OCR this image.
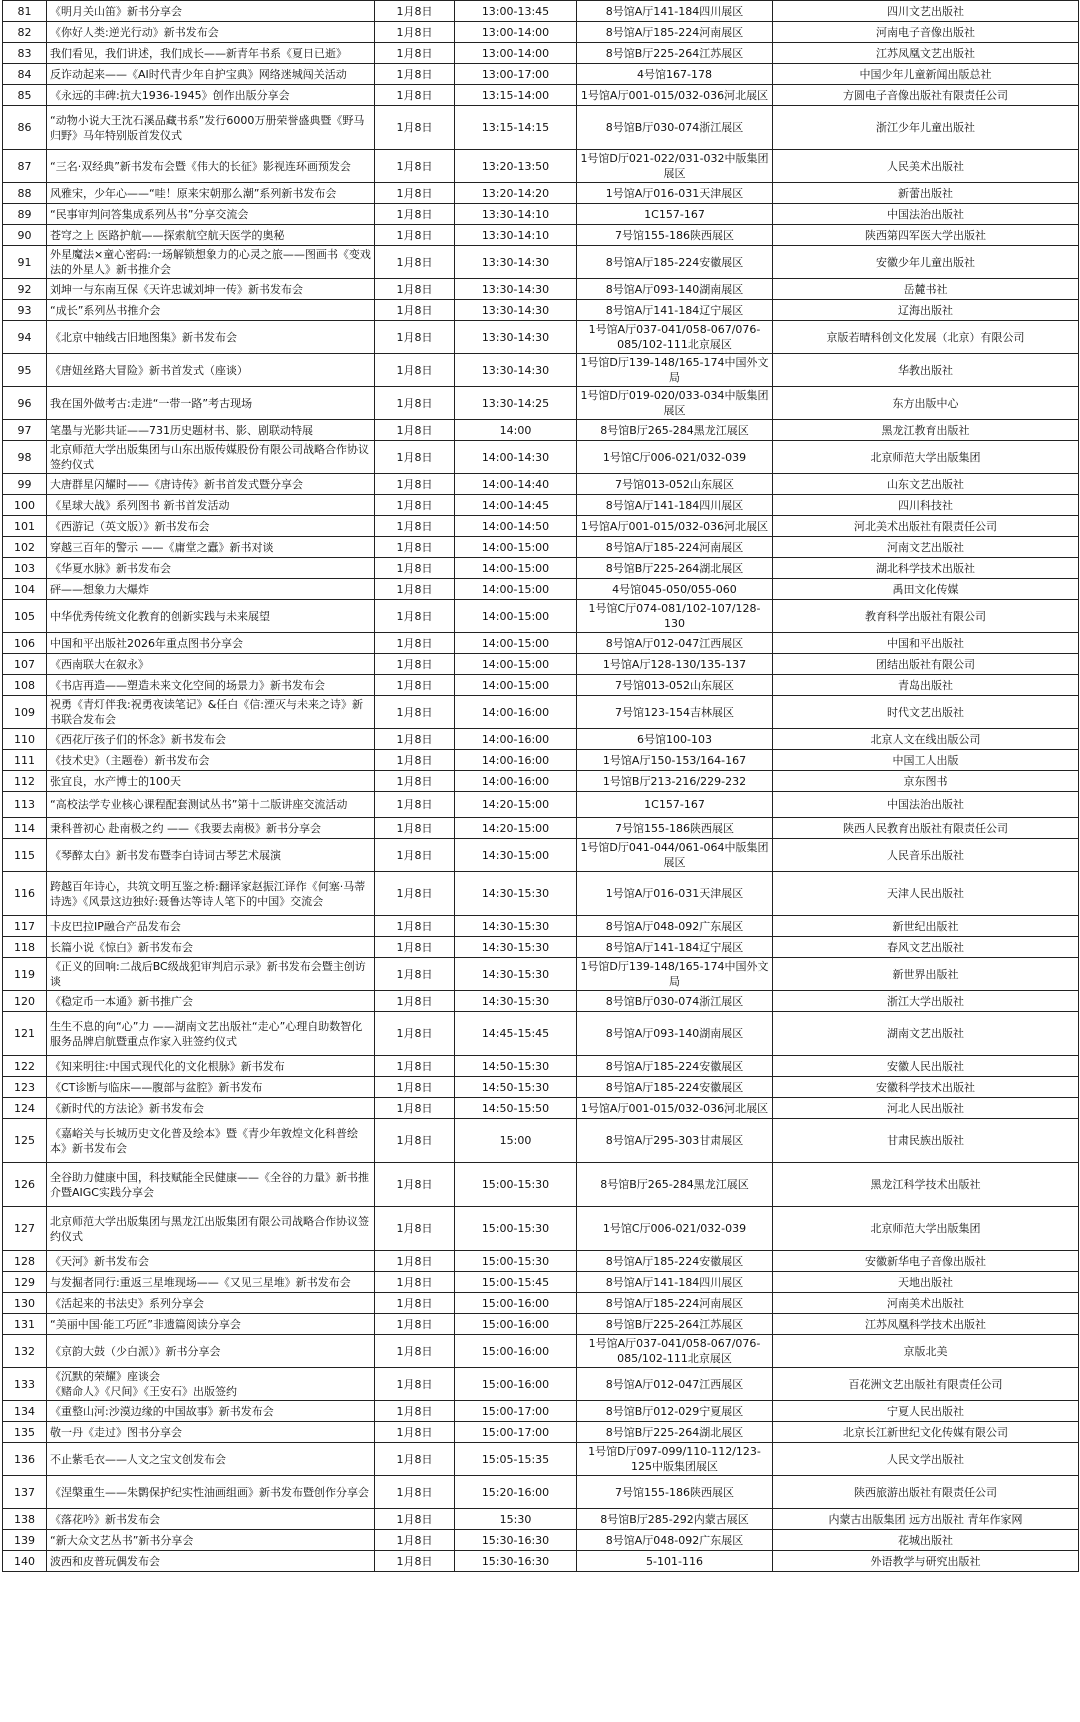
81	《明月关山笛》新书分享会	1月8日	13:00-13:45	8号馆A厅141-184四川展区	四川文艺出版社
82	《你好人类:逆光行动》新书发布会	1月8日	13:00-14:00	8号馆A厅185-224河南展区	河南电子音像出版社
83	我们看见，我们讲述，我们成长——新青年书系《夏日已逝》	1月8日	13:00-14:00	8号馆B厅225-264江苏展区	江苏凤凰文艺出版社
84	反诈动起来——《AI时代青少年自护宝典》网络迷城闯关活动	1月8日	13:00-17:00	4号馆167-178	中国少年儿童新闻出版总社
85	《永远的丰碑:抗大1936-1945》创作出版分享会	1月8日	13:15-14:00	1号馆A厅001-015/032-036河北展区	方圆电子音像出版社有限责任公司
86	“动物小说大王沈石溪品藏书系”发行6000万册荣誉盛典暨《野马归野》马年特别版首发仪式	1月8日	13:15-14:15	8号馆B厅030-074浙江展区	浙江少年儿童出版社
87	“三名·双经典”新书发布会暨《伟大的长征》影视连环画预发会	1月8日	13:20-13:50	1号馆D厅021-022/031-032中版集团展区	人民美术出版社
88	风雅宋，少年心——“哇！原来宋朝那么潮”系列新书发布会	1月8日	13:20-14:20	1号馆A厅016-031天津展区	新蕾出版社
89	“民事审判问答集成系列丛书”分享交流会	1月8日	13:30-14:10	1C157-167	中国法治出版社
90	苍穹之上 医路护航——探索航空航天医学的奥秘	1月8日	13:30-14:10	7号馆155-186陕西展区	陕西第四军医大学出版社
91	外星魔法×童心密码:一场解锁想象力的心灵之旅——图画书《变戏法的外星人》新书推介会	1月8日	13:30-14:30	8号馆A厅185-224安徽展区	安徽少年儿童出版社
92	刘坤一与东南互保《天许忠诚刘坤一传》新书发布会	1月8日	13:30-14:30	8号馆A厅093-140湖南展区	岳麓书社
93	“成长”系列丛书推介会	1月8日	13:30-14:30	8号馆A厅141-184辽宁展区	辽海出版社
94	《北京中轴线古旧地图集》新书发布会	1月8日	13:30-14:30	1号馆A厅037-041/058-067/076-085/102-111北京展区	京版若晴科创文化发展（北京）有限公司
95	《唐妞丝路大冒险》新书首发式（座谈）	1月8日	13:30-14:30	1号馆D厅139-148/165-174中国外文局	华教出版社
96	我在国外做考古:走进“一带一路”考古现场	1月8日	13:30-14:25	1号馆D厅019-020/033-034中版集团展区	东方出版中心
97	笔墨与光影共证——731历史题材书、影、剧联动特展	1月8日	14:00	8号馆B厅265-284黑龙江展区	黑龙江教育出版社
98	北京师范大学出版集团与山东出版传媒股份有限公司战略合作协议签约仪式	1月8日	14:00-14:30	1号馆C厅006-021/032-039	北京师范大学出版集团
99	大唐群星闪耀时——《唐诗传》新书首发式暨分享会	1月8日	14:00-14:40	7号馆013-052山东展区	山东文艺出版社
100	《星球大战》系列图书 新书首发活动	1月8日	14:00-14:45	8号馆A厅141-184四川展区	四川科技社
101	《西游记（英文版）》新书发布会	1月8日	14:00-14:50	1号馆A厅001-015/032-036河北展区	河北美术出版社有限责任公司
102	穿越三百年的警示 ——《庸堂之蠹》新书对谈	1月8日	14:00-15:00	8号馆A厅185-224河南展区	河南文艺出版社
103	《华夏水脉》新书发布会	1月8日	14:00-15:00	8号馆B厅225-264湖北展区	湖北科学技术出版社
104	砰——想象力大爆炸	1月8日	14:00-15:00	4号馆045-050/055-060	禹田文化传媒
105	中华优秀传统文化教育的创新实践与未来展望	1月8日	14:00-15:00	1号馆C厅074-081/102-107/128-130	教育科学出版社有限公司
106	中国和平出版社2026年重点图书分享会	1月8日	14:00-15:00	8号馆A厅012-047江西展区	中国和平出版社
107	《西南联大在叙永》	1月8日	14:00-15:00	1号馆A厅128-130/135-137	团结出版社有限公司
108	《书店再造——塑造未来文化空间的场景力》新书发布会	1月8日	14:00-15:00	7号馆013-052山东展区	青岛出版社
109	祝勇《青灯伴我:祝勇夜读笔记》&任白《信:湮灭与未来之诗》新书联合发布会	1月8日	14:00-16:00	7号馆123-154吉林展区	时代文艺出版社
110	《西花厅孩子们的怀念》新书发布会	1月8日	14:00-16:00	6号馆100-103	北京人文在线出版公司
111	《技术史》（主题卷）新书发布会	1月8日	14:00-16:00	1号馆A厅150-153/164-167	中国工人出版
112	张宜良，水产博士的100天	1月8日	14:00-16:00	1号馆B厅213-216/229-232	京东图书
113	“高校法学专业核心课程配套测试丛书”第十二版讲座交流活动	1月8日	14:20-15:00	1C157-167	中国法治出版社
114	秉科普初心 赴南极之约 ——《我要去南极》新书分享会	1月8日	14:20-15:00	7号馆155-186陕西展区	陕西人民教育出版社有限责任公司
115	《琴醉太白》新书发布暨李白诗词古琴艺术展演	1月8日	14:30-15:00	1号馆D厅041-044/061-064中版集团展区	人民音乐出版社
116	跨越百年诗心，共筑文明互鉴之桥:翻译家赵振江译作《何塞·马蒂诗选》《风景这边独好:聂鲁达等诗人笔下的中国》交流会	1月8日	14:30-15:30	1号馆A厅016-031天津展区	天津人民出版社
117	卡皮巴拉IP融合产品发布会	1月8日	14:30-15:30	8号馆A厅048-092广东展区	新世纪出版社
118	长篇小说《惊白》新书发布会	1月8日	14:30-15:30	8号馆A厅141-184辽宁展区	春风文艺出版社
119	《正义的回响:二战后BC级战犯审判启示录》新书发布会暨主创访谈	1月8日	14:30-15:30	1号馆D厅139-148/165-174中国外文局	新世界出版社
120	《稳定币一本通》新书推广会	1月8日	14:30-15:30	8号馆B厅030-074浙江展区	浙江大学出版社
121	生生不息的向“心”力 ——湖南文艺出版社“走心”心理自助数智化服务品牌启航暨重点作家入驻签约仪式	1月8日	14:45-15:45	8号馆A厅093-140湖南展区	湖南文艺出版社
122	《知来明往:中国式现代化的文化根脉》新书发布	1月8日	14:50-15:30	8号馆A厅185-224安徽展区	安徽人民出版社
123	《CT诊断与临床——腹部与盆腔》新书发布	1月8日	14:50-15:30	8号馆A厅185-224安徽展区	安徽科学技术出版社
124	《新时代的方法论》新书发布会	1月8日	14:50-15:50	1号馆A厅001-015/032-036河北展区	河北人民出版社
125	《嘉峪关与长城历史文化普及绘本》暨《青少年敦煌文化科普绘本》新书发布会	1月8日	15:00	8号馆A厅295-303甘肃展区	甘肃民族出版社
126	全谷助力健康中国，科技赋能全民健康——《全谷的力量》新书推介暨AIGC实践分享会	1月8日	15:00-15:30	8号馆B厅265-284黑龙江展区	黑龙江科学技术出版社
127	北京师范大学出版集团与黑龙江出版集团有限公司战略合作协议签约仪式	1月8日	15:00-15:30	1号馆C厅006-021/032-039	北京师范大学出版集团
128	《天河》新书发布会	1月8日	15:00-15:30	8号馆A厅185-224安徽展区	安徽新华电子音像出版社
129	与发掘者同行:重返三星堆现场——《又见三星堆》新书发布会	1月8日	15:00-15:45	8号馆A厅141-184四川展区	天地出版社
130	《活起来的书法史》系列分享会	1月8日	15:00-16:00	8号馆A厅185-224河南展区	河南美术出版社
131	“美丽中国·能工巧匠”非遗篇阅读分享会	1月8日	15:00-16:00	8号馆B厅225-264江苏展区	江苏凤凰科学技术出版社
132	《京韵大鼓（少白派）》新书分享会	1月8日	15:00-16:00	1号馆A厅037-041/058-067/076-085/102-111北京展区	京版北美
133	《沉默的荣耀》座谈会
《赌命人》《尺间》《王安石》出版签约	1月8日	15:00-16:00	8号馆A厅012-047江西展区	百花洲文艺出版社有限责任公司
134	《重整山河:沙漠边缘的中国故事》新书发布会	1月8日	15:00-17:00	8号馆B厅012-029宁夏展区	宁夏人民出版社
135	敬一丹《走过》图书分享会	1月8日	15:00-17:00	8号馆B厅225-264湖北展区	北京长江新世纪文化传媒有限公司
136	不止紫毛衣——人文之宝文创发布会	1月8日	15:05-15:35	1号馆D厅097-099/110-112/123-125中版集团展区	人民文学出版社
137	《涅槃重生——朱鹮保护纪实性油画组画》新书发布暨创作分享会	1月8日	15:20-16:00	7号馆155-186陕西展区	陕西旅游出版社有限责任公司
138	《落花吟》新书发布会	1月8日	15:30	8号馆B厅285-292内蒙古展区	内蒙古出版集团 远方出版社 青年作家网
139	“新大众文艺丛书”新书分享会	1月8日	15:30-16:30	8号馆A厅048-092广东展区	花城出版社
140	波西和皮普玩偶发布会	1月8日	15:30-16:30	5-101-116	外语教学与研究出版社
